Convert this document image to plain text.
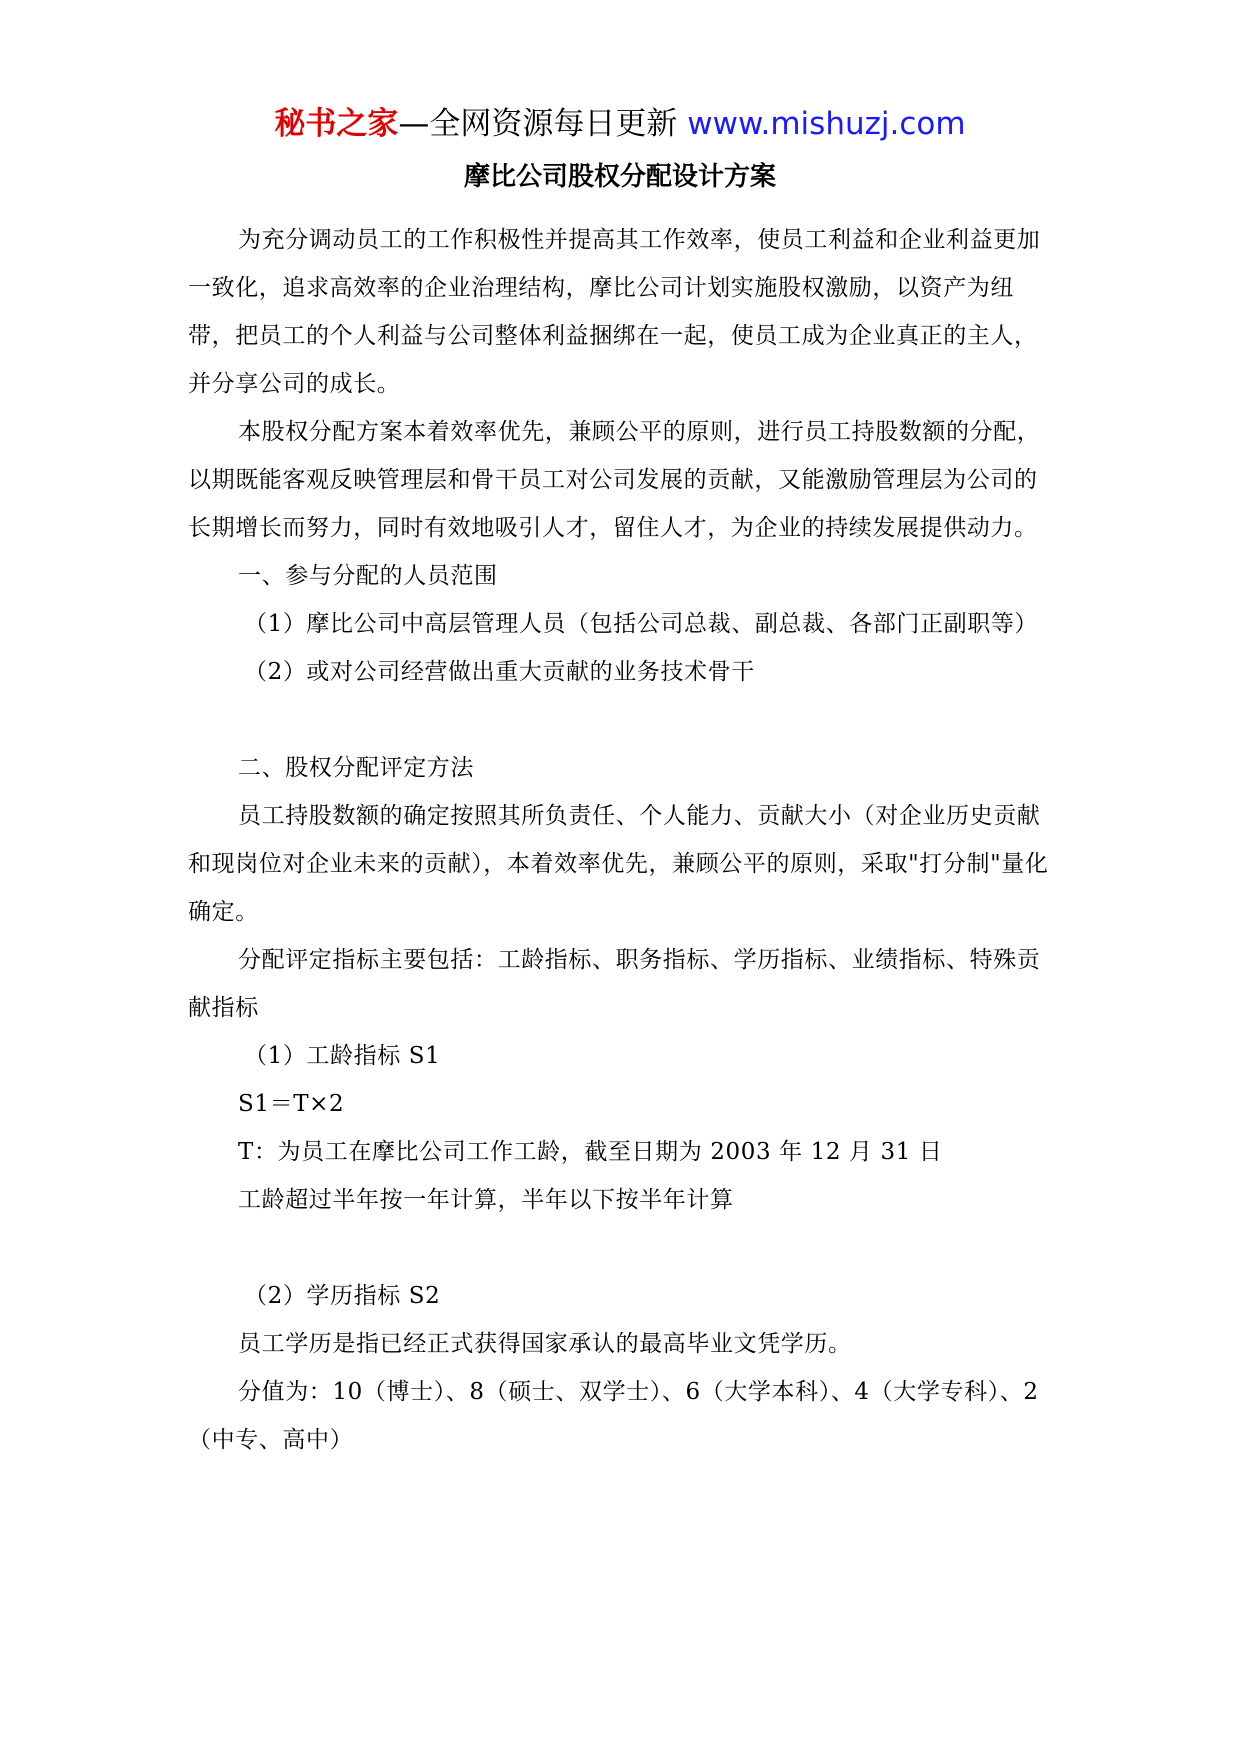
秘书之家—全网资源每日更新 www.mishuzj.com
摩比公司股权分配设计方案

为充分调动员工的工作积极性并提高其工作效率，使员工利益和企业利益更加一致化，追求高效率的企业治理结构，摩比公司计划实施股权激励，以资产为纽带，把员工的个人利益与公司整体利益捆绑在一起，使员工成为企业真正的主人，并分享公司的成长。

本股权分配方案本着效率优先，兼顾公平的原则，进行员工持股数额的分配，以期既能客观反映管理层和骨干员工对公司发展的贡献，又能激励管理层为公司的长期增长而努力，同时有效地吸引人才，留住人才，为企业的持续发展提供动力。

一、参与分配的人员范围

（1）摩比公司中高层管理人员（包括公司总裁、副总裁、各部门正副职等）

（2）或对公司经营做出重大贡献的业务技术骨干

二、股权分配评定方法

员工持股数额的确定按照其所负责任、个人能力、贡献大小（对企业历史贡献和现岗位对企业未来的贡献），本着效率优先，兼顾公平的原则，采取"打分制"量化确定。

分配评定指标主要包括：工龄指标、职务指标、学历指标、业绩指标、特殊贡献指标

（1）工龄指标 S1

S1＝T×2

T：为员工在摩比公司工作工龄，截至日期为 2003 年 12 月 31 日

工龄超过半年按一年计算，半年以下按半年计算

（2）学历指标 S2

员工学历是指已经正式获得国家承认的最高毕业文凭学历。

分值为：10（博士）、8（硕士、双学士）、6（大学本科）、4（大学专科）、2（中专、高中）
